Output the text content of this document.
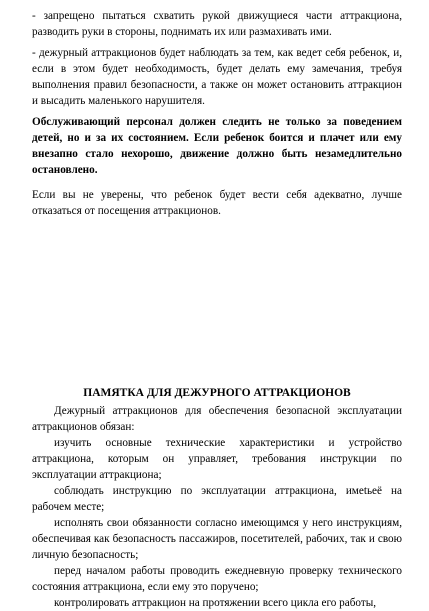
- запрещено пытаться схватить рукой движущиеся части аттракциона, разводить руки в стороны, поднимать их или размахивать ими.

- дежурный аттракционов будет наблюдать за тем, как ведет себя ребенок, и, если в этом будет необходимость, будет делать ему замечания, требуя выполнения правил безопасности, а также он может остановить аттракцион и высадить маленького нарушителя.

Обслуживающий персонал должен следить не только за поведением детей, но и за их состоянием. Если ребенок боится и плачет или ему внезапно стало нехорошо, движение должно быть незамедлительно остановлено.

Если вы не уверены, что ребенок будет вести себя адекватно, лучше отказаться от посещения аттракционов.

ПАМЯТКА ДЛЯ ДЕЖУРНОГО АТТРАКЦИОНОВ

Дежурный аттракционов для обеспечения безопасной эксплуатации аттракционов обязан:

изучить основные технические характеристики и устройство аттракциона, которым он управляет, требования инструкции по эксплуатации аттракциона;

соблюдать инструкцию по эксплуатации аттракциона, имеtьеё на рабочем месте;

исполнять свои обязанности согласно имеющимся у него инструкциям, обеспечивая как безопасность пассажиров, посетителей, рабочих, так и свою личную безопасность;

перед началом работы проводить ежедневную проверку технического состояния аттракциона, если ему это поручено;

контролировать аттракцион на протяжении всего цикла его работы,
